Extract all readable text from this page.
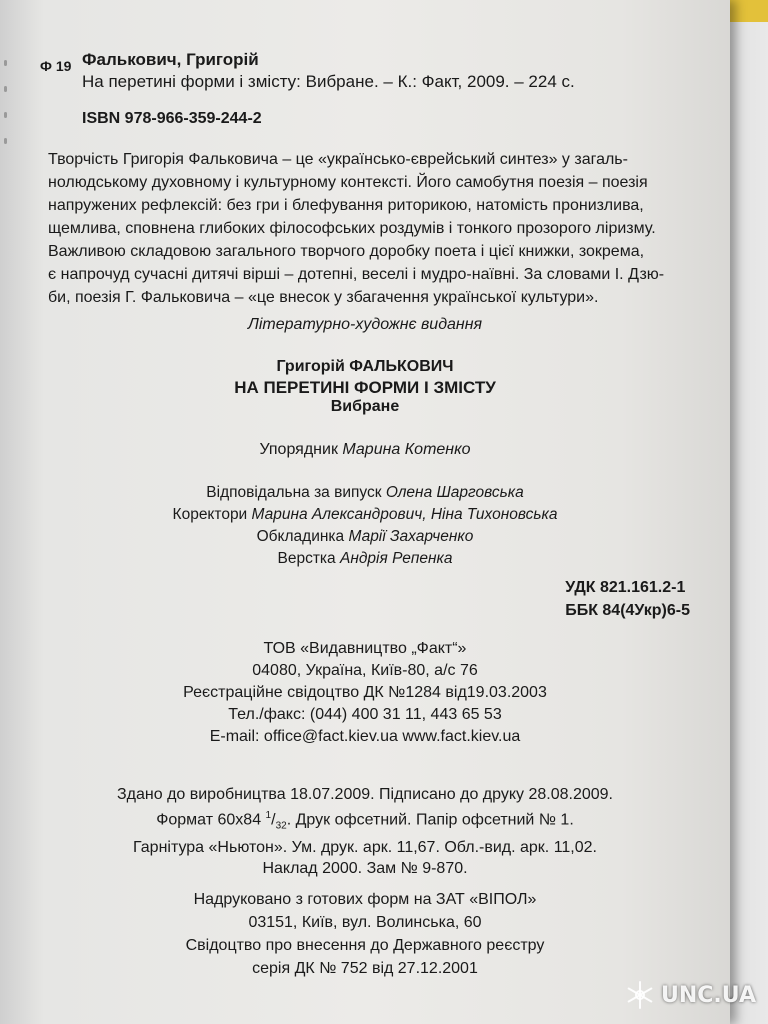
Ф 19 Фалькович, Григорій
На перетині форми і змісту: Вибране. – К.: Факт, 2009. – 224 с.
ISBN 978-966-359-244-2
Творчість Григорія Фальковича – це «українсько-єврейський синтез» у загаль-
нолюдському духовному і культурному контексті. Його самобутня поезія – поезія
напружених рефлексій: без гри і блефування риторикою, натомість пронизлива,
щемлива, сповнена глибоких філософських роздумів і тонкого прозорого ліризму.
Важливою складовою загального творчого доробку поета і цієї книжки, зокрема,
є напрочуд сучасні дитячі вірші – дотепні, веселі і мудро-наївні. За словами І. Дзю-
би, поезія Г. Фальковича – «це внесок у збагачення української культури».
Літературно-художнє видання
Григорій ФАЛЬКОВИЧ
НА ПЕРЕТИНІ ФОРМИ І ЗМІСТУ
Вибране
Упорядник Марина Котенко
Відповідальна за випуск Олена Шарговська
Коректори Марина Александрович, Ніна Тихоновська
Обкладинка Марії Захарченко
Верстка Андрія Репенка
УДК 821.161.2-1
ББК 84(4Укр)6-5
ТОВ «Видавництво „Факт“»
04080, Україна, Київ-80, а/с 76
Реєстраційне свідоцтво ДК №1284 від19.03.2003
Тел./факс: (044) 400 31 11, 443 65 53
E-mail: office@fact.kiev.ua www.fact.kiev.ua
Здано до виробництва 18.07.2009. Підписано до друку 28.08.2009.
Формат 60х84 $^1/_{32}$. Друк офсетний. Папір офсетний № 1.
Гарнітура «Ньютон». Ум. друк. арк. 11,67. Обл.-вид. арк. 11,02.
Наклад 2000. Зам № 9-870.
Надруковано з готових форм на ЗАТ «ВІПОЛ»
03151, Київ, вул. Волинська, 60
Свідоцтво про внесення до Державного реєстру
серія ДК № 752 від 27.12.2001
UNC.UA
